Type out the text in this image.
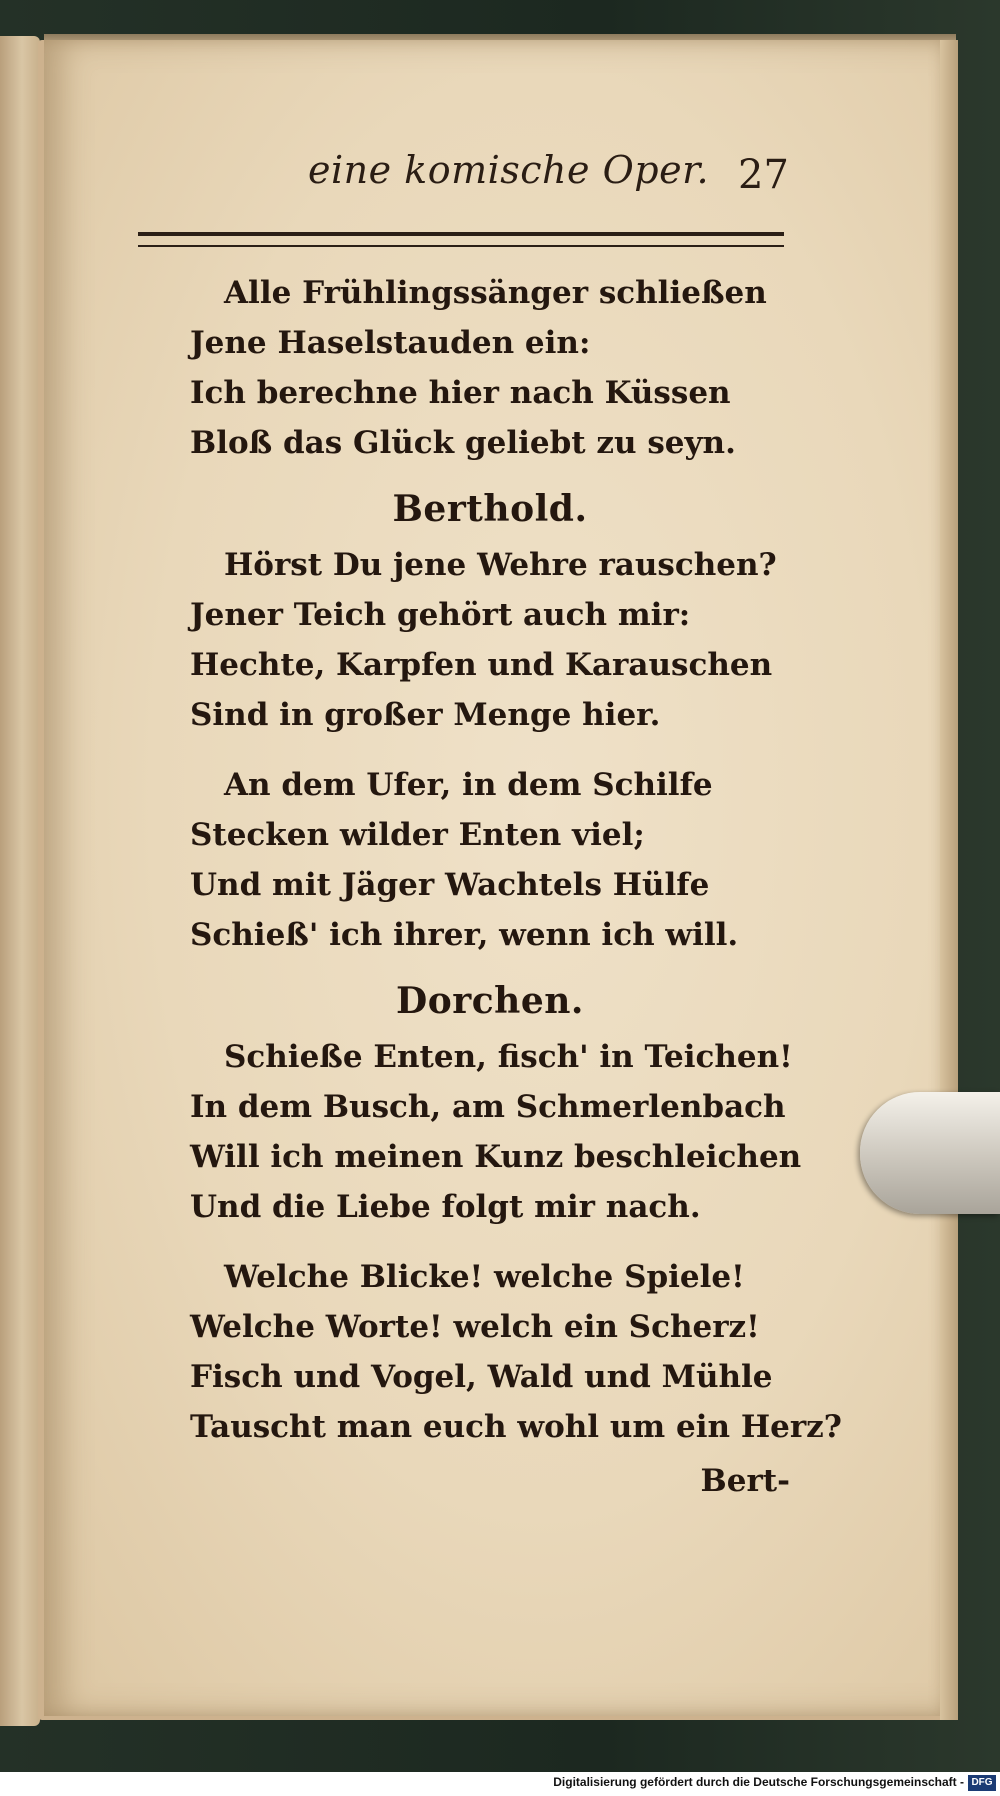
eine komische Oper. 27
Alle Frühlingssänger schließen
Jene Haselstauden ein:
Ich berechne hier nach Küssen
Bloß das Glück geliebt zu seyn.
Berthold.
Hörst Du jene Wehre rauschen?
Jener Teich gehört auch mir:
Hechte, Karpfen und Karauschen
Sind in großer Menge hier.
An dem Ufer, in dem Schilfe
Stecken wilder Enten viel;
Und mit Jäger Wachtels Hülfe
Schieß' ich ihrer, wenn ich will.
Dorchen.
Schieße Enten, fisch' in Teichen!
In dem Busch, am Schmerlenbach
Will ich meinen Kunz beschleichen
Und die Liebe folgt mir nach.
Welche Blicke! welche Spiele!
Welche Worte! welch ein Scherz!
Fisch und Vogel, Wald und Mühle
Tauscht man euch wohl um ein Herz?
Bert-
Digitalisierung gefördert durch die Deutsche Forschungsgemeinschaft - DFG
